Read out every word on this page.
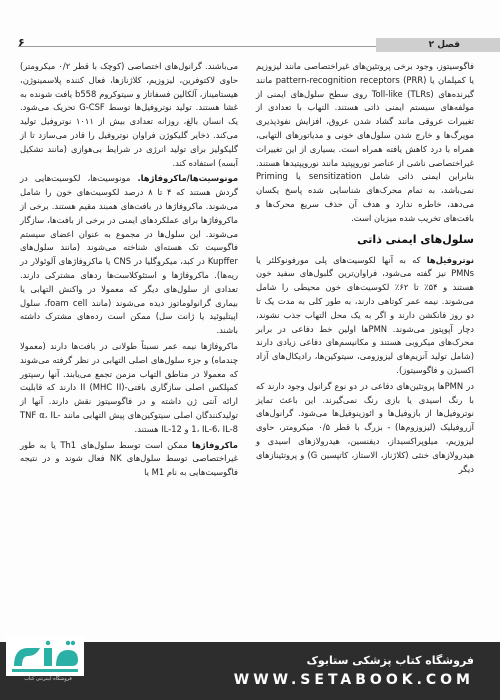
۶	فصل ۲

فاگوسیتوز، وجود برخی پروتئین‌های غیراختصاصی مانند لیزوزیم یا کمپلمان یا pattern-recognition receptors (PRR) مانند گیرنده‌های Toll-like (TLRs) روی سطح سلول‌های ایمنی از مولفه‌های سیستم ایمنی ذاتی هستند. التهاب با تعدادی از تغییرات عروقی مانند گشاد شدن عروق، افزایش نفوذپذیری مویرگ‌ها و خارج شدن سلول‌های خونی و مدیاتورهای التهابی، همراه با درد کاهش یافته همراه است. بسیاری از این تغییرات غیراختصاصی ناشی از عناصر نوروپپتید مانند نوروپپتیدها هستند. بنابراین ایمنی ذاتی شامل sensitization یا Priming نمی‌باشد، به تمام محرک‌های شناسایی شده پاسخ یکسان می‌دهد، خاطره ندارد و هدف آن حذف سریع محرک‌ها و بافت‌های تخریب شده میزبان است.

سلول‌های ایمنی ذاتی

نوتروفیل‌ها که به آنها لکوسیت‌های پلی مورفونوکلئر یا PMNs نیز گفته می‌شود، فراوان‌ترین گلبول‌های سفید خون هستند و ۵۴٪ تا ۶۲٪ لکوسیت‌های خون محیطی را شامل می‌شوند. نیمه عمر کوتاهی دارند، به طور کلی به مدت یک تا دو روز فانکشن دارند و اگر به یک محل التهاب جذب نشوند، دچار آپوپتوز می‌شوند. PMNها اولین خط دفاعی در برابر محرک‌های میکروبی هستند و مکانیسم‌های دفاعی زیادی دارند (شامل تولید آنزیم‌های لیزوزومی، سیتوکین‌ها، رادیکال‌های آزاد اکسیژن و فاگوسیتوز).

در PMNها پروتئین‌های دفاعی در دو نوع گرانول وجود دارند که با رنگ اسیدی یا بازی رنگ نمی‌گیرند. این باعث تمایز نوتروفیل‌ها از بازوفیل‌ها و ائوزینوفیل‌ها می‌شود. گرانول‌های آزروفیلیک (لیزوزوم‌ها) - بزرگ با قطر ۰/۵ میکرومتر، حاوی لیزوزیم، میلوپراکسیداز، دیفنسین، هیدرولازهای اسیدی و هیدرولازهای خنثی (کلاژناز، الاستاز، کاتپسین G) و پروتئینازهای دیگر

می‌باشند. گرانول‌های اختصاصی (کوچک با قطر ۰/۲ میکرومتر) حاوی لاکتوفرین، لیزوزیم، کلاژنازها، فعال کننده پلاسمینوژن، هیستامیناز، آلکالین فسفاتاز و سیتوکروم b558 یافت شونده به غشا هستند. تولید نوتروفیل‌ها توسط G-CSF تحریک می‌شود. یک انسان بالغ، روزانه تعدادی بیش از ۱۰۱۱ نوتروفیل تولید می‌کند. ذخایر گلیکوژن فراوان نوتروفیل را قادر می‌سازد تا از گلیکولیز برای تولید انرژی در شرایط بی‌هوازی (مانند تشکیل آبسه) استفاده کند.

مونوسیت‌ها/ماکروفاژها. مونوسیت‌ها، لکوسیت‌هایی در گردش هستند که ۴ تا ۸ درصد لکوسیت‌های خون را شامل می‌شوند. ماکروفاژها در بافت‌های همبند مقیم هستند. برخی از ماکروفاژها برای عملکردهای ایمنی در برخی از بافت‌ها، ساز‌گار می‌شوند. این سلول‌ها در مجموع به عنوان اعضای سیستم فاگوسیت تک هسته‌ای شناخته می‌شوند (مانند سلول‌های Kupffer در کبد، میکروگلیا در CNS یا ماکروفاژهای آلوئولار در ریه‌ها). ماکروفاژها و استئوکلاست‌ها ردهای مشترکی دارند. تعدادی از سلول‌های دیگر که معمولا در واکنش التهابی یا بیماری گرانولوماتوز دیده می‌شوند (مانند foam cell، سلول اپیتلیوئید یا ژانت سل) ممکن است رده‌های مشترک داشته باشند.

ماکروفاژها نیمه عمر نسبتاً طولانی در بافت‌ها دارند (معمولا چندماه) و جزء سلول‌های اصلی التهابی در نظر گرفته می‌شوند که معمولا در مناطق التهاب مزمن تجمع می‌یابند. آنها رسپتور کمپلکس اصلی سازگاری بافتی-II (MHC II) دارند که قابلیت ارائه آنتی ژن داشته و در فاگوسیتوز نقش دارند. آنها از تولیدکنندگان اصلی سیتوکین‌های پیش التهابی مانند TNF α، IL-1، IL-6، IL-8 و IL-12 هستند.

ماکروفاژها ممکن است توسط سلول‌های Th1 یا به طور غیراختصاصی توسط سلول‌های NK فعال شوند و در نتیجه فاگوسیت‌هایی به نام M1 یا

فروشگاه اینترنتی کتاب
فروشگاه کتاب پزشکی ستابوک
WWW.SETABOOK.COM
